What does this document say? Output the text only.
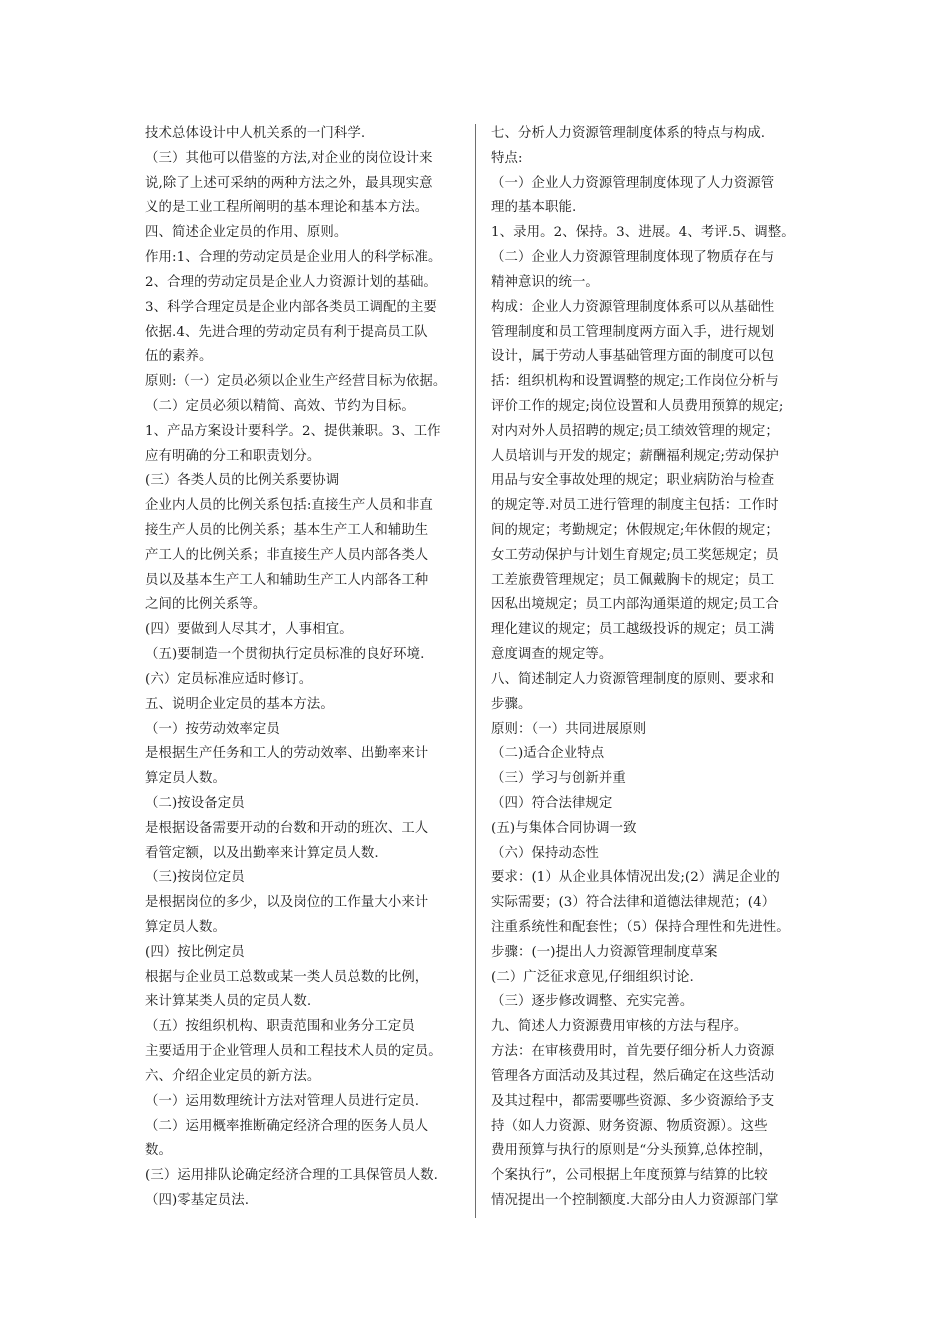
技术总体设计中人机关系的一门科学.
（三）其他可以借鉴的方法,对企业的岗位设计来
说,除了上述可采纳的两种方法之外，最具现实意
义的是工业工程所阐明的基本理论和基本方法。
四、简述企业定员的作用、原则。
作用:1、合理的劳动定员是企业用人的科学标准。
2、合理的劳动定员是企业人力资源计划的基础。
3、科学合理定员是企业内部各类员工调配的主要
依据.4、先进合理的劳动定员有利于提高员工队
伍的素养。
原则:（一）定员必须以企业生产经营目标为依据。
（二）定员必须以精简、高效、节约为目标。
1、产品方案设计要科学。2、提供兼职。3、工作
应有明确的分工和职责划分。
(三）各类人员的比例关系要协调
企业内人员的比例关系包括:直接生产人员和非直
接生产人员的比例关系；基本生产工人和辅助生
产工人的比例关系；非直接生产人员内部各类人
员以及基本生产工人和辅助生产工人内部各工种
之间的比例关系等。
(四）要做到人尽其才，人事相宜。
（五)要制造一个贯彻执行定员标准的良好环境.
(六）定员标准应适时修订。
五、说明企业定员的基本方法。
（一）按劳动效率定员
是根据生产任务和工人的劳动效率、出勤率来计
算定员人数。
（二)按设备定员
是根据设备需要开动的台数和开动的班次、工人
看管定额，以及出勤率来计算定员人数.
（三)按岗位定员
是根据岗位的多少，以及岗位的工作量大小来计
算定员人数。
(四）按比例定员
根据与企业员工总数或某一类人员总数的比例，
来计算某类人员的定员人数.
（五）按组织机构、职责范围和业务分工定员
主要适用于企业管理人员和工程技术人员的定员。
六、介绍企业定员的新方法。
（一）运用数理统计方法对管理人员进行定员.
（二）运用概率推断确定经济合理的医务人员人
数。
(三）运用排队论确定经济合理的工具保管员人数.
（四)零基定员法.
七、分析人力资源管理制度体系的特点与构成.
特点:
（一）企业人力资源管理制度体现了人力资源管
理的基本职能.
1、录用。2、保持。3、进展。4、考评.5、调整。
（二）企业人力资源管理制度体现了物质存在与
精神意识的统一。
构成：企业人力资源管理制度体系可以从基础性
管理制度和员工管理制度两方面入手，进行规划
设计，属于劳动人事基础管理方面的制度可以包
括：组织机构和设置调整的规定;工作岗位分析与
评价工作的规定;岗位设置和人员费用预算的规定;
对内对外人员招聘的规定;员工绩效管理的规定；
人员培训与开发的规定；薪酬福利规定;劳动保护
用品与安全事故处理的规定；职业病防治与检查
的规定等.对员工进行管理的制度主包括：工作时
间的规定；考勤规定；休假规定;年休假的规定；
女工劳动保护与计划生育规定;员工奖惩规定；员
工差旅费管理规定；员工佩戴胸卡的规定；员工
因私出境规定；员工内部沟通渠道的规定;员工合
理化建议的规定；员工越级投诉的规定；员工满
意度调查的规定等。
八、简述制定人力资源管理制度的原则、要求和
步骤。
原则：（一）共同进展原则
（二)适合企业特点
（三）学习与创新并重
（四）符合法律规定
(五)与集体合同协调一致
（六）保持动态性
要求：(1）从企业具体情况出发;(2）满足企业的
实际需要；(3）符合法律和道德法律规范；(4）
注重系统性和配套性；（5）保持合理性和先进性。
步骤：(一)提出人力资源管理制度草案
(二）广泛征求意见,仔细组织讨论.
（三）逐步修改调整、充实完善。
九、简述人力资源费用审核的方法与程序。
方法：在审核费用时，首先要仔细分析人力资源
管理各方面活动及其过程，然后确定在这些活动
及其过程中，都需要哪些资源、多少资源给予支
持（如人力资源、财务资源、物质资源）。这些
费用预算与执行的原则是“分头预算,总体控制，
个案执行”，公司根据上年度预算与结算的比较
情况提出一个控制额度.大部分由人力资源部门掌
